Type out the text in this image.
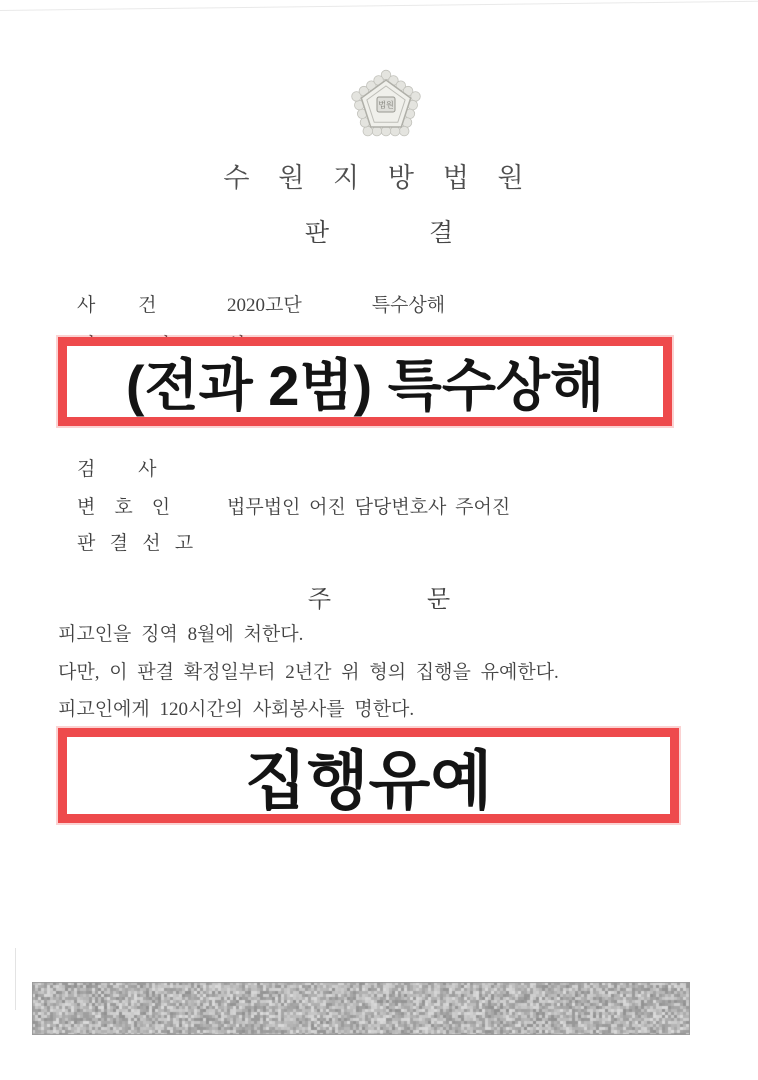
법원
수 원 지 방 법 원
판                결

사         건	2020고단        특수상해

(전과 2범) 특수상해

검         사

변    호    인	법무법인 어진 담당변호사 주어진

판   결   선   고

주                문
피고인을 징역 8월에 처한다.
다만, 이 판결 확정일부터 2년간 위 형의 집행을 유예한다.
피고인에게 120시간의 사회봉사를 명한다.
집행유예
